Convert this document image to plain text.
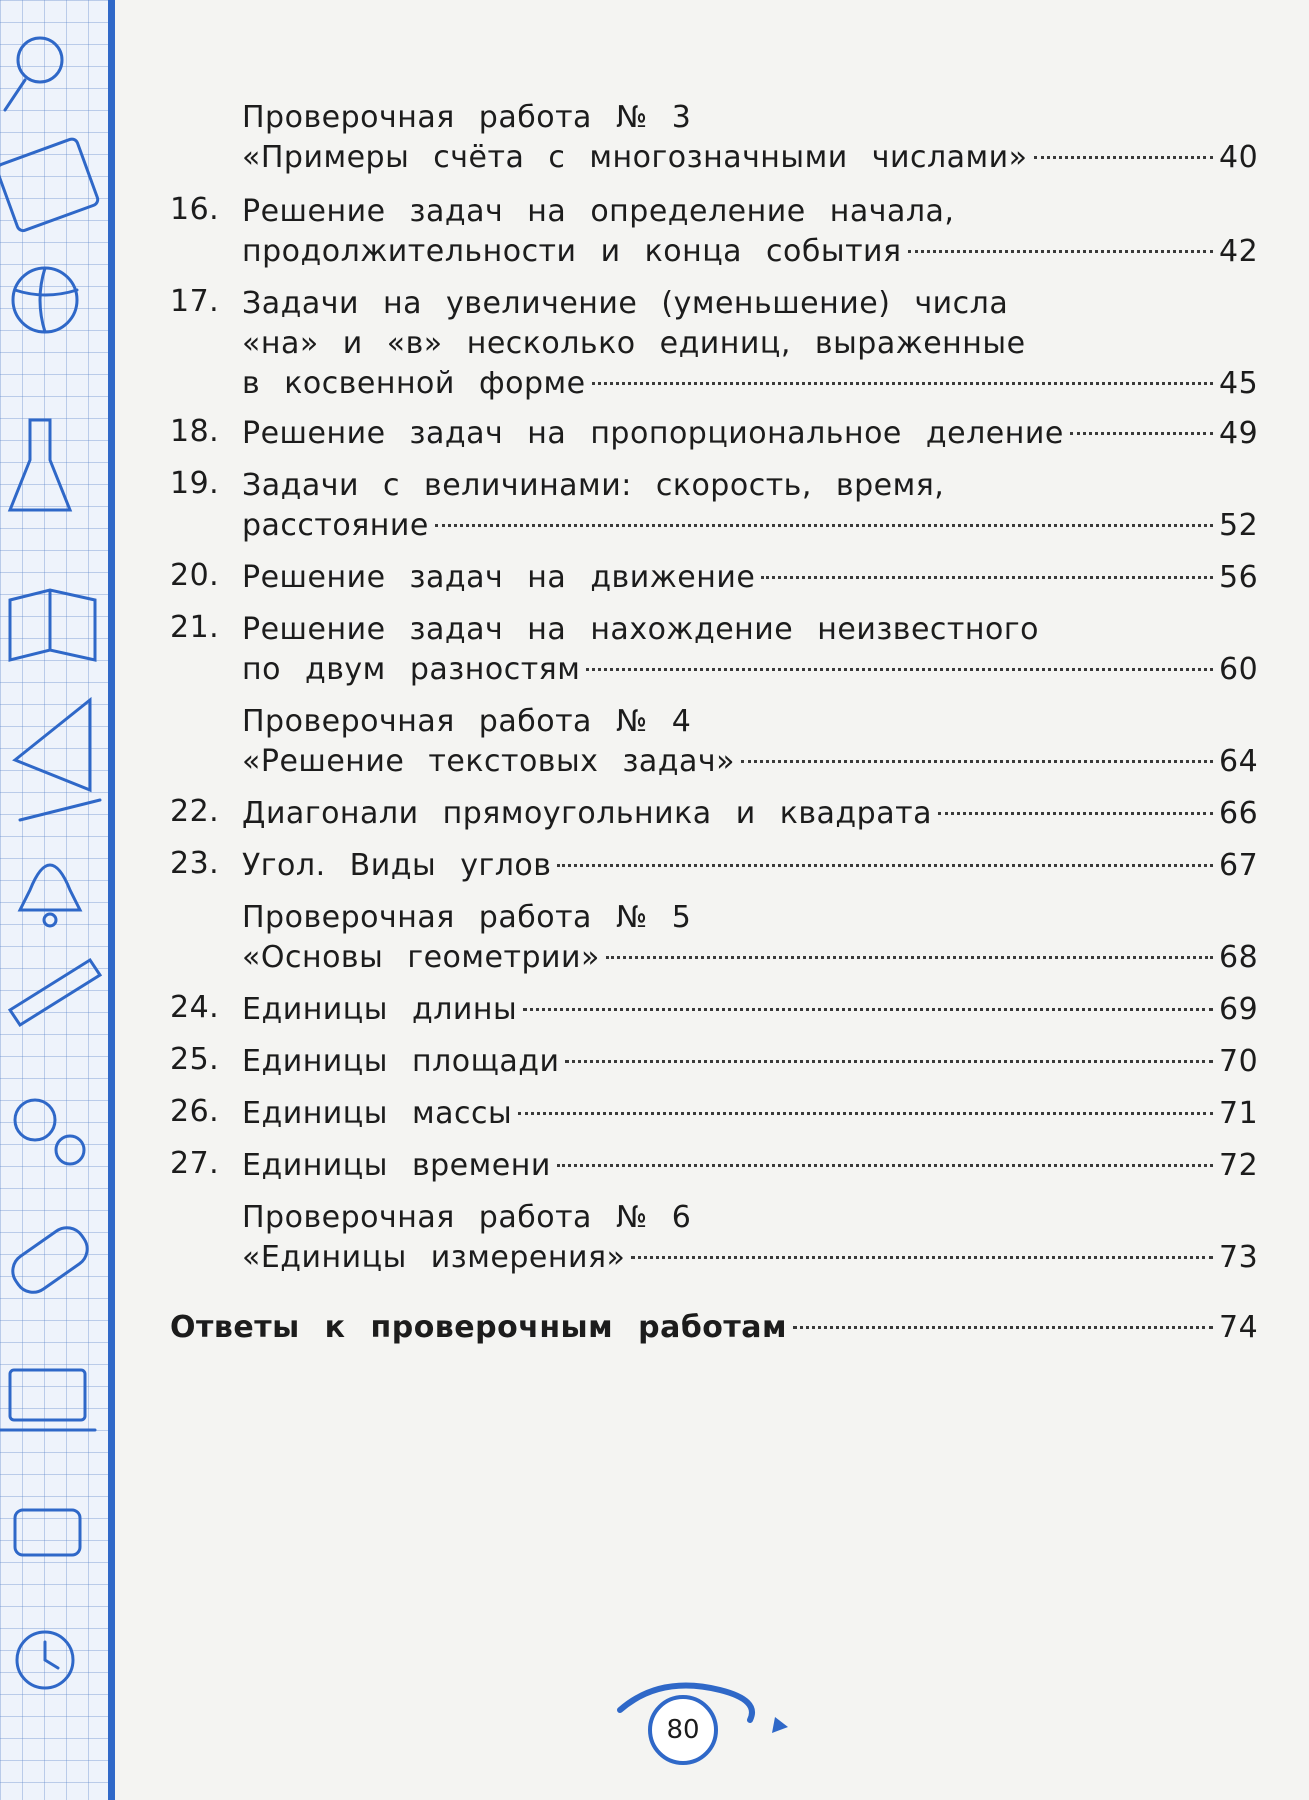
Проверочная работа № 3
«Примеры счёта с многозначными числами»	40
16. Решение задач на определение начала,
продолжительности и конца события	42
17. Задачи на увеличение (уменьшение) числа
«на» и «в» несколько единиц, выраженные
в косвенной форме	45
18. Решение задач на пропорциональное деление	49
19. Задачи с величинами: скорость, время,
расстояние	52
20. Решение задач на движение	56
21. Решение задач на нахождение неизвестного
по двум разностям	60
Проверочная работа № 4
«Решение текстовых задач»	64
22. Диагонали прямоугольника и квадрата	66
23. Угол. Виды углов	67
Проверочная работа № 5
«Основы геометрии»	68
24. Единицы длины	69
25. Единицы площади	70
26. Единицы массы	71
27. Единицы времени	72
Проверочная работа № 6
«Единицы измерения»	73
Ответы к проверочным работам	74
80
